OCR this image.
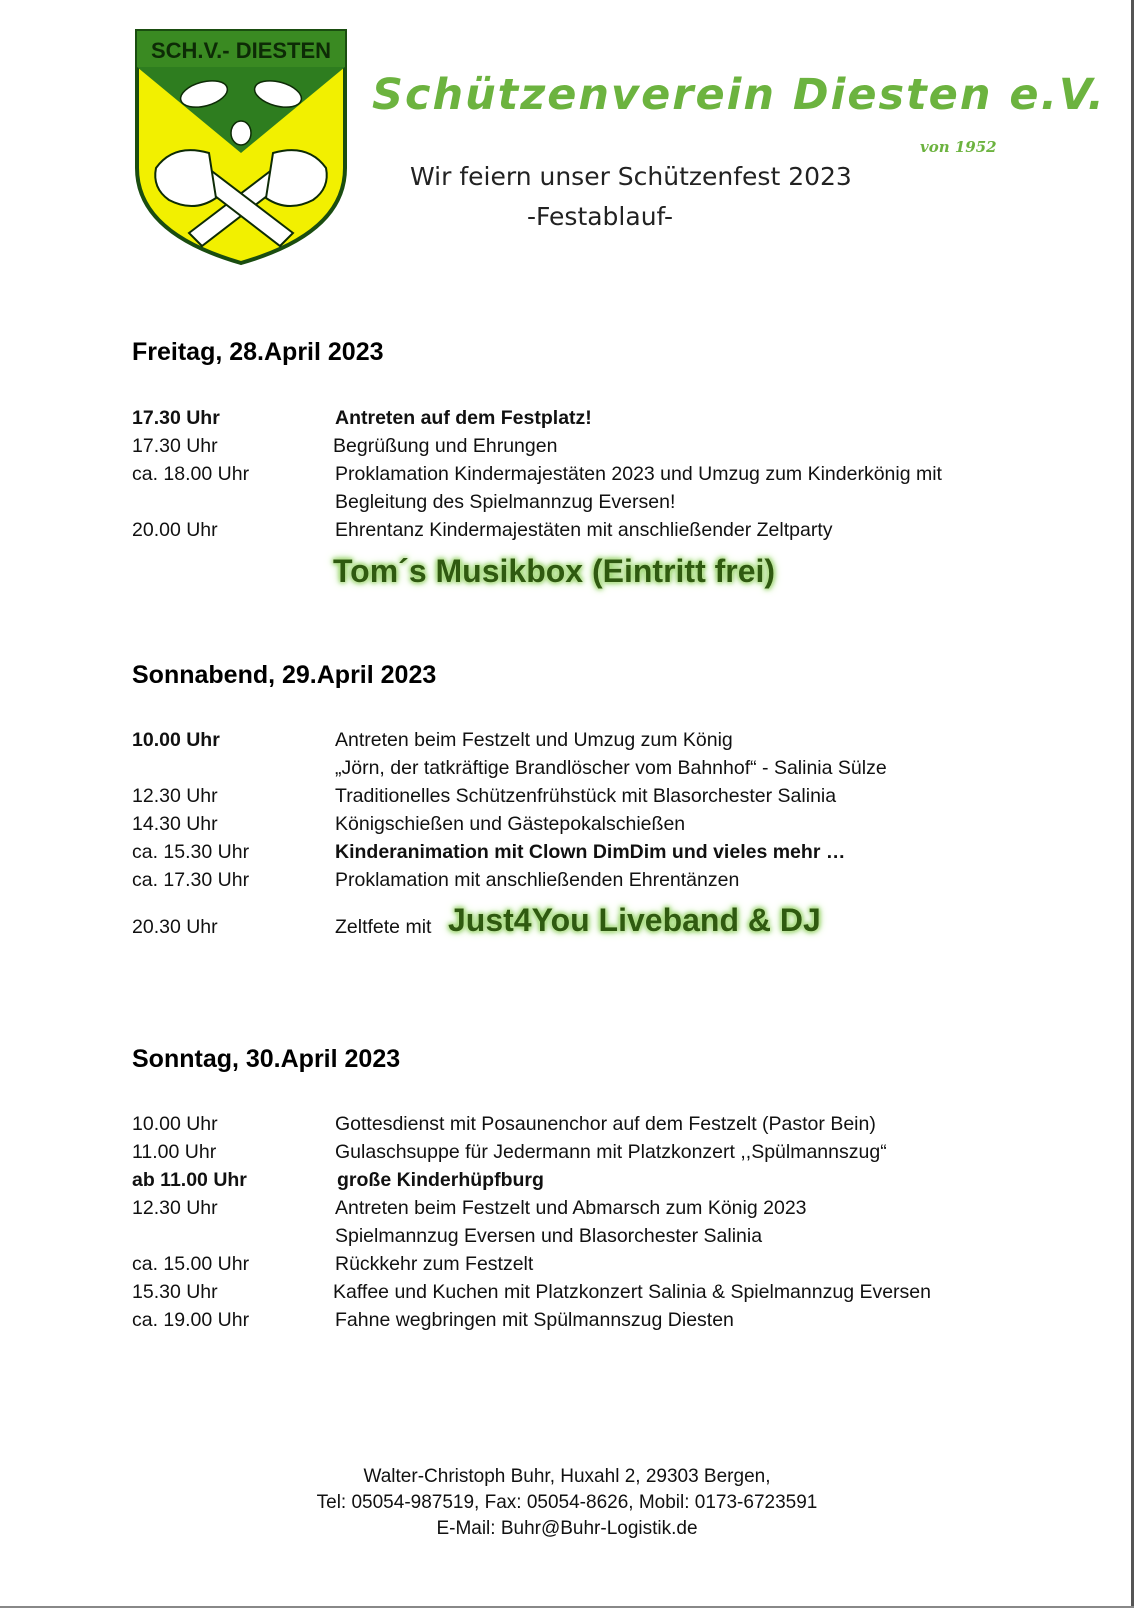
SCH.V.- DIESTEN
Schützenverein Diesten e.V.
von 1952
Wir feiern unser Schützenfest 2023
-Festablauf-
Freitag, 28.April 2023
17.30 Uhr	Antreten auf dem Festplatz!
17.30 Uhr	Begrüßung und Ehrungen
ca. 18.00 Uhr	Proklamation Kindermajestäten 2023 und Umzug zum Kinderkönig mit
Begleitung des Spielmannzug Eversen!
20.00 Uhr	Ehrentanz Kindermajestäten mit anschließender Zeltparty
Tom´s Musikbox (Eintritt frei)
Sonnabend, 29.April 2023
10.00 Uhr	Antreten beim Festzelt und Umzug zum König
„Jörn, der tatkräftige Brandlöscher vom Bahnhof“ - Salinia Sülze
12.30 Uhr	Traditionelles Schützenfrühstück mit Blasorchester Salinia
14.30 Uhr	Königschießen und Gästepokalschießen
ca. 15.30 Uhr	Kinderanimation mit Clown DimDim und vieles mehr …
ca. 17.30 Uhr	Proklamation mit anschließenden Ehrentänzen
20.30 Uhr	Zeltfete mit Just4You Liveband & DJ
Sonntag, 30.April 2023
10.00 Uhr	Gottesdienst mit Posaunenchor auf dem Festzelt (Pastor Bein)
11.00 Uhr	Gulaschsuppe für Jedermann mit Platzkonzert ,,Spülmannszug“
ab 11.00 Uhr	große Kinderhüpfburg
12.30 Uhr	Antreten beim Festzelt und Abmarsch zum König 2023
Spielmannzug Eversen und Blasorchester Salinia
ca. 15.00 Uhr	Rückkehr zum Festzelt
15.30 Uhr	Kaffee und Kuchen mit Platzkonzert Salinia & Spielmannzug Eversen
ca. 19.00 Uhr	Fahne wegbringen mit Spülmannszug Diesten
Walter-Christoph Buhr, Huxahl 2, 29303 Bergen,
Tel: 05054-987519, Fax: 05054-8626, Mobil: 0173-6723591
E-Mail: Buhr@Buhr-Logistik.de
